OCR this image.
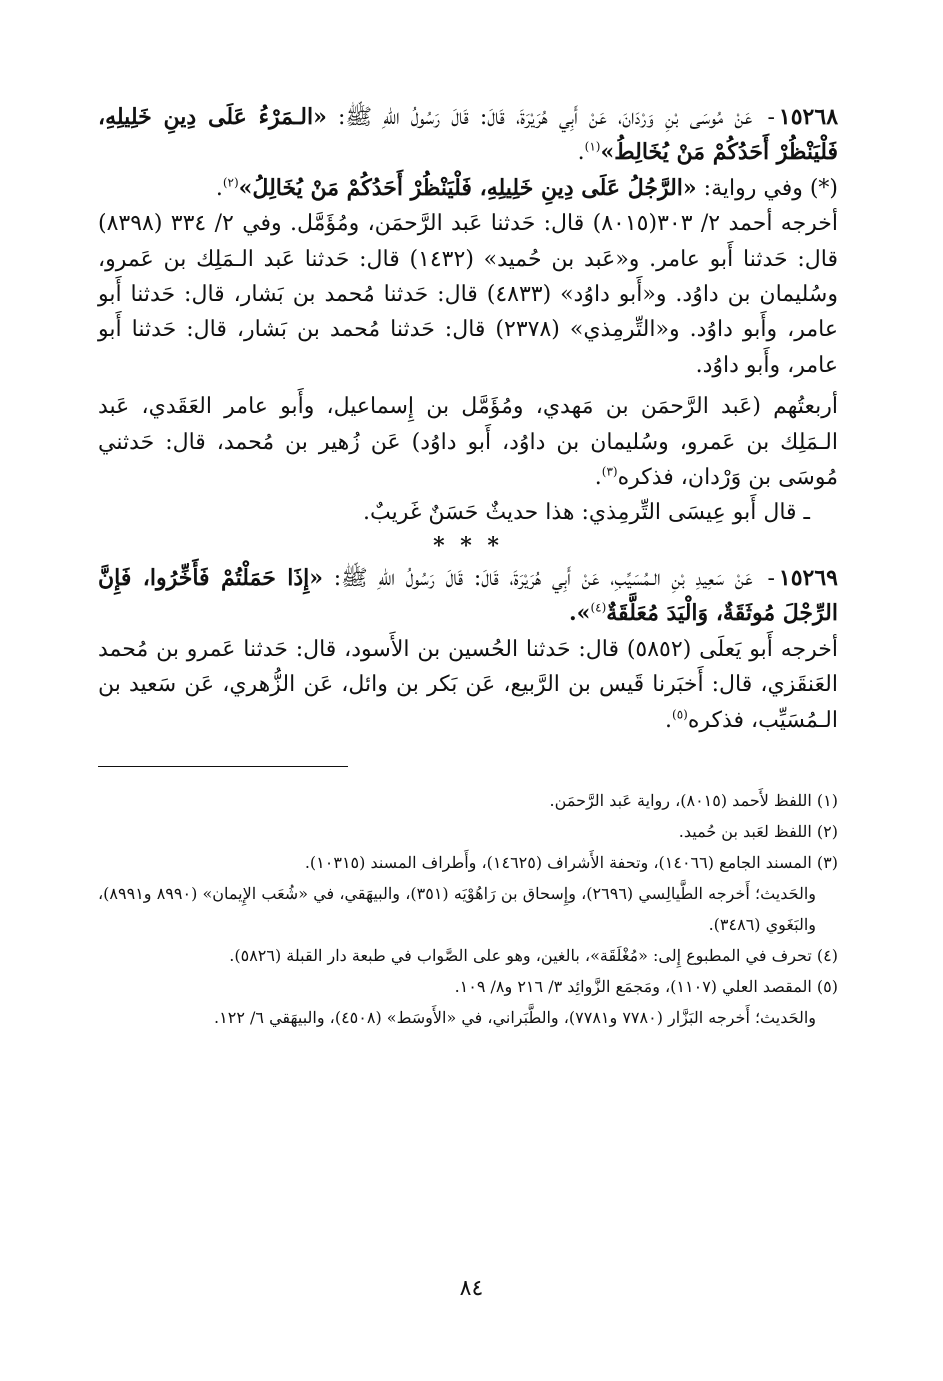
١٥٢٦٨- عَنْ مُوسَى بْنِ وَرْدَانَ، عَنْ أَبِي هُرَيْرَةَ، قَالَ: قَالَ رَسُولُ اللهِ ﷺ: «الـمَرْءُ عَلَى دِينِ خَلِيلِهِ، فَلْيَنْظُرْ أَحَدُكُمْ مَنْ يُخَالِطُ»$^{(١)}$.

(*) وفي رواية: «الرَّجُلُ عَلَى دِينِ خَلِيلِهِ، فَلْيَنْظُرْ أَحَدُكُمْ مَنْ يُخَالِلُ»$^{(٢)}$.

أخرجه أحمد ٢/ ٣٠٣(٨٠١٥) قال: حَدثنا عَبد الرَّحمَن، ومُؤَمَّل. وفي ٢/ ٣٣٤ (٨٣٩٨) قال: حَدثنا أَبو عامر. و«عَبد بن حُميد» (١٤٣٢) قال: حَدثنا عَبد الـمَلِك بن عَمرو، وسُليمان بن داوُد. و«أَبو داوُد» (٤٨٣٣) قال: حَدثنا مُحمد بن بَشار، قال: حَدثنا أَبو عامر، وأَبو داوُد. و«التِّرمِذي» (٢٣٧٨) قال: حَدثنا مُحمد بن بَشار، قال: حَدثنا أَبو عامر، وأَبو داوُد.

أربعتُهم (عَبد الرَّحمَن بن مَهدي، ومُؤَمَّل بن إِسماعيل، وأَبو عامر العَقَدي، عَبد الـمَلِك بن عَمرو، وسُليمان بن داوُد، أَبو داوُد) عَن زُهير بن مُحمد، قال: حَدثني مُوسَى بن وَرْدان، فذكره$^{(٣)}$.

ـ قال أَبو عِيسَى التِّرمِذي: هذا حديثٌ حَسَنٌ غَريبٌ.

* * *

١٥٢٦٩- عَنْ سَعِيدِ بْنِ الـمُسَيِّبِ، عَنْ أَبِي هُرَيْرَةَ، قَالَ: قَالَ رَسُولُ اللهِ ﷺ: «إِذَا حَمَلْتُمْ فَأَخِّرُوا، فَإِنَّ الرِّجْلَ مُوثَقَةٌ، وَالْيَدَ مُعَلَّقَةٌ$^{(٤)}$».

أخرجه أَبو يَعلَى (٥٨٥٢) قال: حَدثنا الحُسين بن الأَسود، قال: حَدثنا عَمرو بن مُحمد العَنقَزي، قال: أَخبَرنا قَيس بن الرَّبيع، عَن بَكر بن وائل، عَن الزُّهري، عَن سَعيد بن الـمُسَيِّب، فذكره$^{(٥)}$.

(١) اللفظ لأَحمد (٨٠١٥)، رواية عَبد الرَّحمَن.

(٢) اللفظ لعَبد بن حُميد.

(٣) المسند الجامع (١٤٠٦٦)، وتحفة الأَشراف (١٤٦٢٥)، وأَطراف المسند (١٠٣١٥).

والحَديث؛ أَخرجه الطَّيالِسي (٢٦٩٦)، وإِسحاق بن رَاهُوْيَه (٣٥١)، والبيهَقي، في «شُعَب الإِيمان» (٨٩٩٠ و٨٩٩١)، والبَغَوي (٣٤٨٦).

(٤) تحرف في المطبوع إِلى: «مُغْلَقَة»، بالغين، وهو على الصَّواب في طبعة دار القبلة (٥٨٢٦).

(٥) المقصد العلي (١١٠٧)، ومَجمَع الزَّوائِد ٣/ ٢١٦ و٨/ ١٠٩.

والحَديث؛ أَخرجه البَزَّار (٧٧٨٠ و٧٧٨١)، والطَّبَراني، في «الأَوسَط» (٤٥٠٨)، والبيهَقي ٦/ ١٢٢.

٨٤
